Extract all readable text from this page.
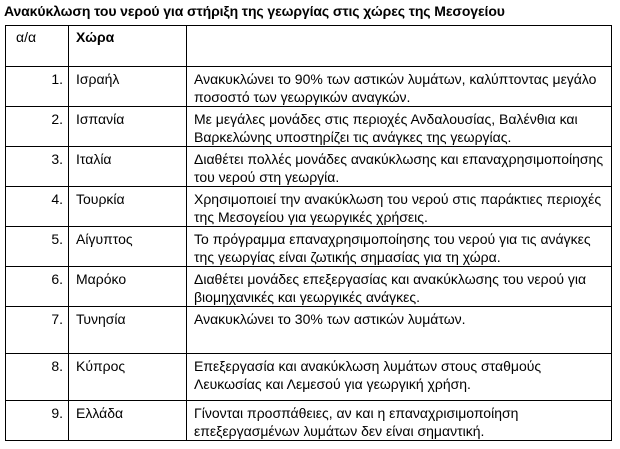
Ανακύκλωση του νερού για στήριξη της γεωργίας στις χώρες της Μεσογείου
α/α	Χώρα	
1.	Ισραήλ	Ανακυκλώνει το 90% των αστικών λυμάτων, καλύπτοντας μεγάλο ποσοστό των γεωργικών αναγκών.
2.	Ισπανία	Με μεγάλες μονάδες στις περιοχές Ανδαλουσίας, Βαλένθια και Βαρκελώνης υποστηρίζει τις ανάγκες της γεωργίας.
3.	Ιταλία	Διαθέτει πολλές μονάδες ανακύκλωσης και επαναχρησιμοποίησης του νερού στη γεωργία.
4.	Τουρκία	Χρησιμοποιεί την ανακύκλωση του νερού στις παράκτιες περιοχές της Μεσογείου για γεωργικές χρήσεις.
5.	Αίγυπτος	Το πρόγραμμα επαναχρησιμοποίησης του νερού για τις ανάγκες της γεωργίας είναι ζωτικής σημασίας για τη χώρα.
6.	Μαρόκο	Διαθέτει μονάδες επεξεργασίας και ανακύκλωσης του νερού για βιομηχανικές και γεωργικές ανάγκες.
7.	Τυνησία	Ανακυκλώνει το 30% των αστικών λυμάτων.
8.	Κύπρος	Επεξεργασία και ανακύκλωση λυμάτων στους σταθμούς Λευκωσίας και Λεμεσού για γεωργική χρήση.
9.	Ελλάδα	Γίνονται προσπάθειες, αν και η επαναχρισιμοποίηση επεξεργασμένων λυμάτων δεν είναι σημαντική.
